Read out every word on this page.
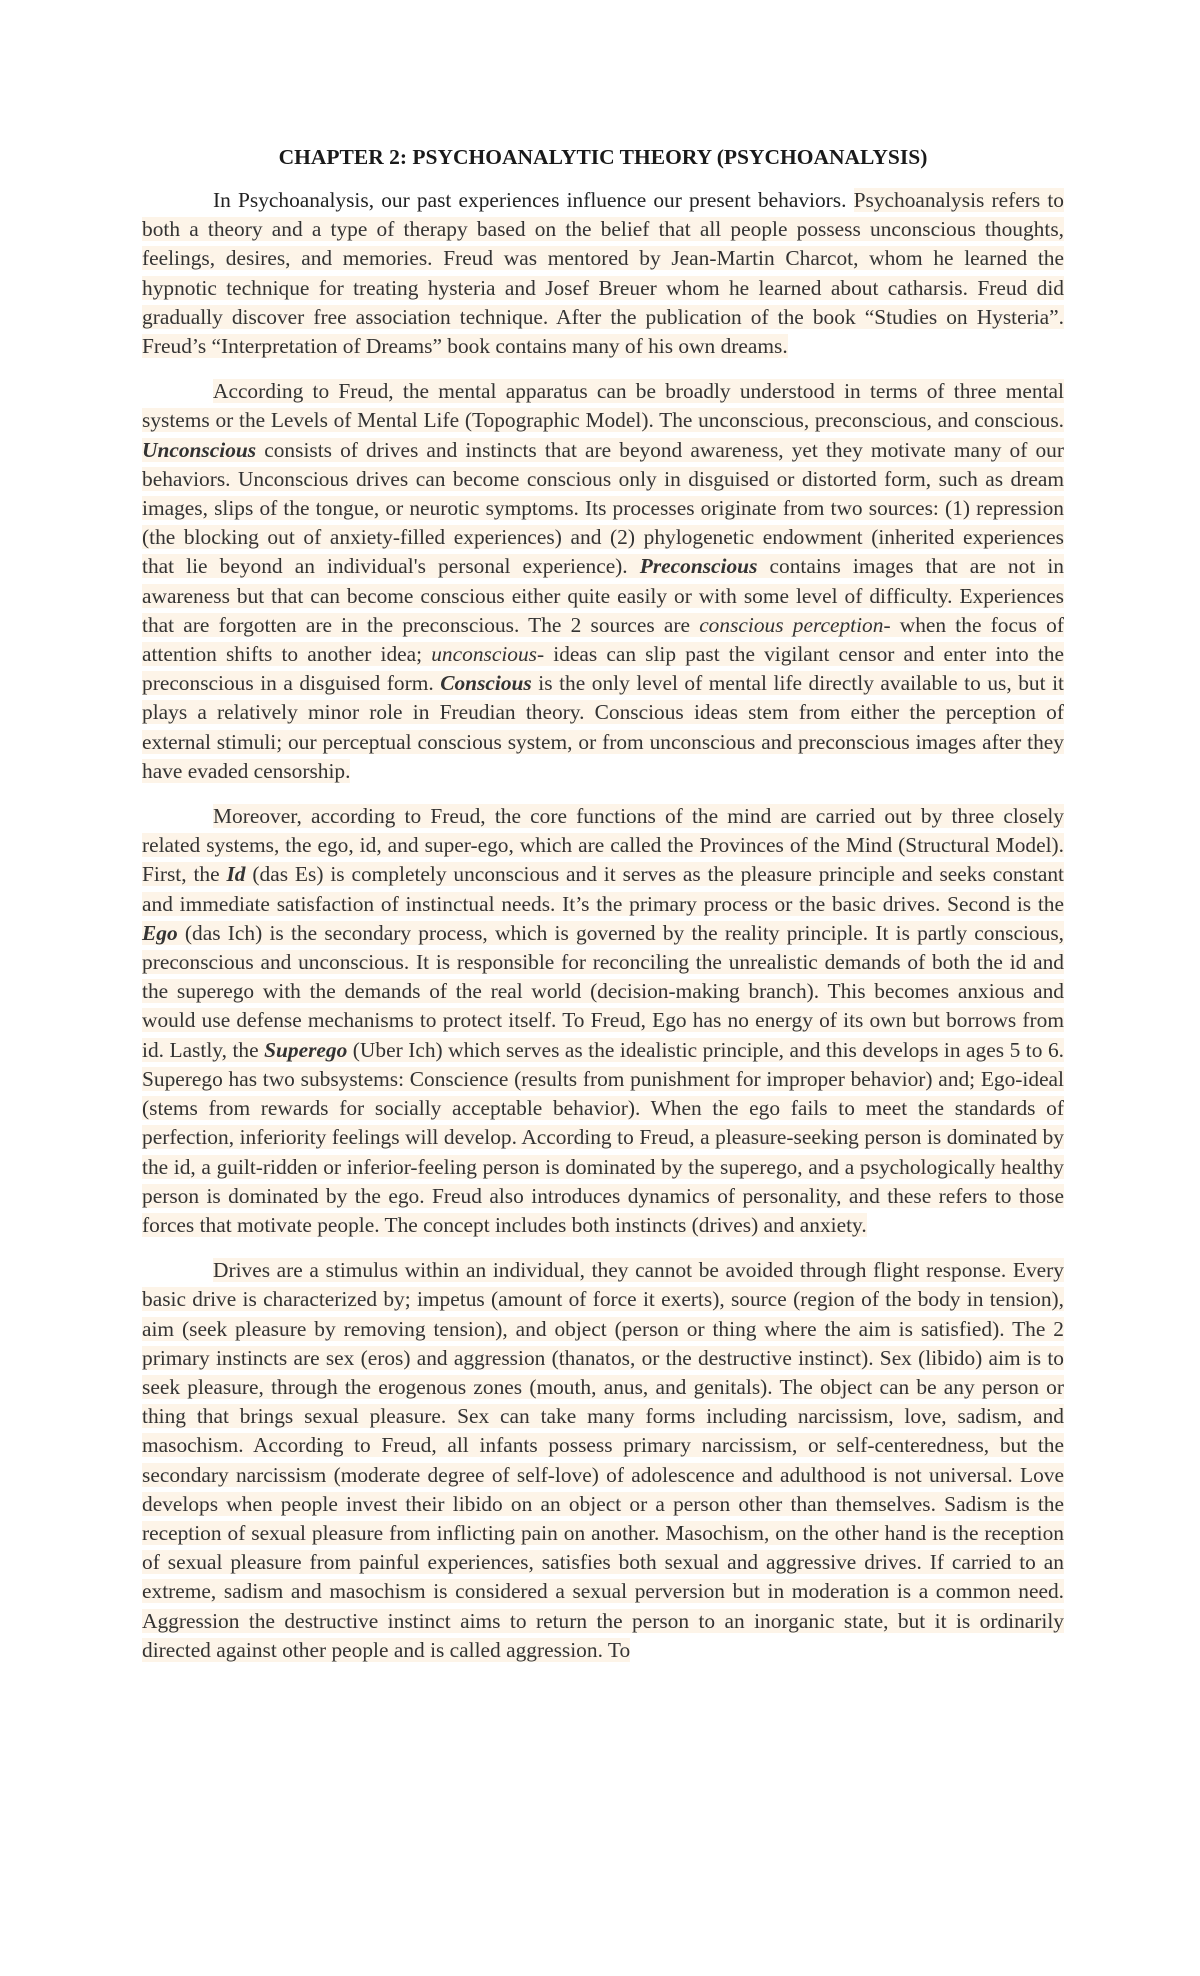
CHAPTER 2: PSYCHOANALYTIC THEORY (PSYCHOANALYSIS)

In Psychoanalysis, our past experiences influence our present behaviors. Psychoanalysis refers to both a theory and a type of therapy based on the belief that all people possess unconscious thoughts, feelings, desires, and memories. Freud was mentored by Jean-Martin Charcot, whom he learned the hypnotic technique for treating hysteria and Josef Breuer whom he learned about catharsis. Freud did gradually discover free association technique. After the publication of the book “Studies on Hysteria”. Freud’s “Interpretation of Dreams” book contains many of his own dreams.

According to Freud, the mental apparatus can be broadly understood in terms of three mental systems or the Levels of Mental Life (Topographic Model). The unconscious, preconscious, and conscious. Unconscious consists of drives and instincts that are beyond awareness, yet they motivate many of our behaviors. Unconscious drives can become conscious only in disguised or distorted form, such as dream images, slips of the tongue, or neurotic symptoms. Its processes originate from two sources: (1) repression (the blocking out of anxiety-filled experiences) and (2) phylogenetic endowment (inherited experiences that lie beyond an individual's personal experience). Preconscious contains images that are not in awareness but that can become conscious either quite easily or with some level of difficulty. Experiences that are forgotten are in the preconscious. The 2 sources are conscious perception- when the focus of attention shifts to another idea; unconscious- ideas can slip past the vigilant censor and enter into the preconscious in a disguised form. Conscious is the only level of mental life directly available to us, but it plays a relatively minor role in Freudian theory. Conscious ideas stem from either the perception of external stimuli; our perceptual conscious system, or from unconscious and preconscious images after they have evaded censorship.

Moreover, according to Freud, the core functions of the mind are carried out by three closely related systems, the ego, id, and super-ego, which are called the Provinces of the Mind (Structural Model). First, the Id (das Es) is completely unconscious and it serves as the pleasure principle and seeks constant and immediate satisfaction of instinctual needs. It’s the primary process or the basic drives. Second is the Ego (das Ich) is the secondary process, which is governed by the reality principle. It is partly conscious, preconscious and unconscious. It is responsible for reconciling the unrealistic demands of both the id and the superego with the demands of the real world (decision-making branch). This becomes anxious and would use defense mechanisms to protect itself. To Freud, Ego has no energy of its own but borrows from id. Lastly, the Superego (Uber Ich) which serves as the idealistic principle, and this develops in ages 5 to 6. Superego has two subsystems: Conscience (results from punishment for improper behavior) and; Ego-ideal (stems from rewards for socially acceptable behavior). When the ego fails to meet the standards of perfection, inferiority feelings will develop. According to Freud, a pleasure-seeking person is dominated by the id, a guilt-ridden or inferior-feeling person is dominated by the superego, and a psychologically healthy person is dominated by the ego. Freud also introduces dynamics of personality, and these refers to those forces that motivate people. The concept includes both instincts (drives) and anxiety.

Drives are a stimulus within an individual, they cannot be avoided through flight response. Every basic drive is characterized by; impetus (amount of force it exerts), source (region of the body in tension), aim (seek pleasure by removing tension), and object (person or thing where the aim is satisfied). The 2 primary instincts are sex (eros) and aggression (thanatos, or the destructive instinct). Sex (libido) aim is to seek pleasure, through the erogenous zones (mouth, anus, and genitals). The object can be any person or thing that brings sexual pleasure. Sex can take many forms including narcissism, love, sadism, and masochism. According to Freud, all infants possess primary narcissism, or self-centeredness, but the secondary narcissism (moderate degree of self-love) of adolescence and adulthood is not universal. Love develops when people invest their libido on an object or a person other than themselves. Sadism is the reception of sexual pleasure from inflicting pain on another. Masochism, on the other hand is the reception of sexual pleasure from painful experiences, satisfies both sexual and aggressive drives. If carried to an extreme, sadism and masochism is considered a sexual perversion but in moderation is a common need. Aggression the destructive instinct aims to return the person to an inorganic state, but it is ordinarily directed against other people and is called aggression. To
